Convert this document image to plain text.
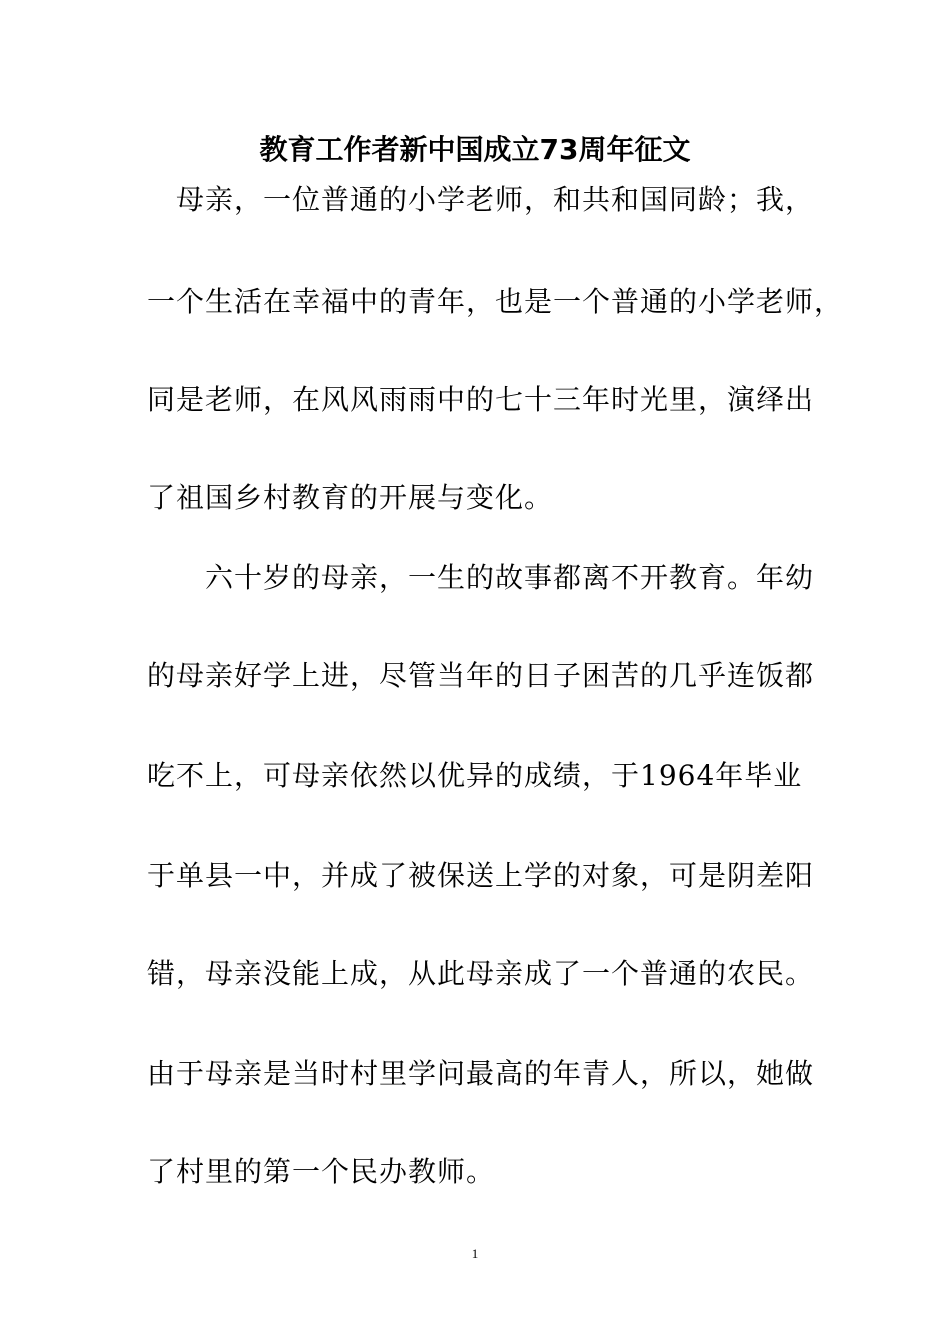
教育工作者新中国成立73周年征文

　母亲，一位普通的小学老师，和共和国同龄；我，

一个生活在幸福中的青年，也是一个普通的小学老师，

同是老师，在风风雨雨中的七十三年时光里，演绎出

了祖国乡村教育的开展与变化。

　　六十岁的母亲，一生的故事都离不开教育。年幼

的母亲好学上进，尽管当年的日子困苦的几乎连饭都

吃不上，可母亲依然以优异的成绩，于1964年毕业

于单县一中，并成了被保送上学的对象，可是阴差阳

错，母亲没能上成，从此母亲成了一个普通的农民。

由于母亲是当时村里学问最高的年青人，所以，她做

了村里的第一个民办教师。

1
